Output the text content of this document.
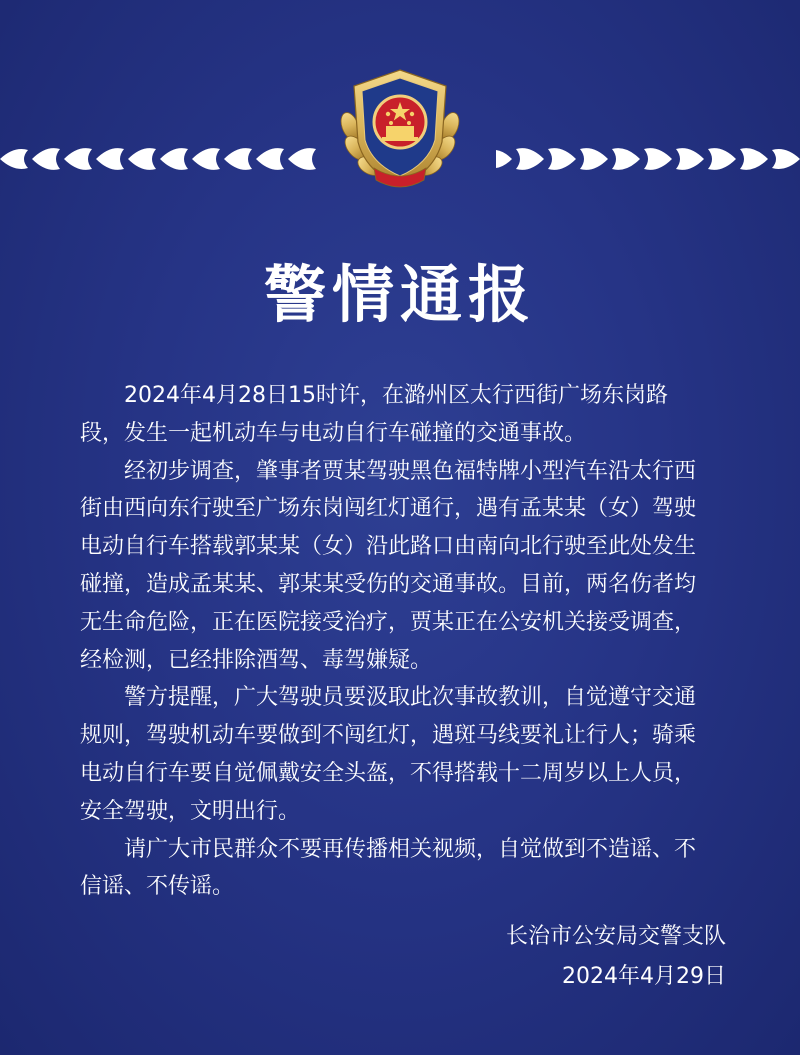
警情通报
2024年4月28日15时许，在潞州区太行西街广场东岗路
段，发生一起机动车与电动自行车碰撞的交通事故。
经初步调查，肇事者贾某驾驶黑色福特牌小型汽车沿太行西
街由西向东行驶至广场东岗闯红灯通行，遇有孟某某（女）驾驶
电动自行车搭载郭某某（女）沿此路口由南向北行驶至此处发生
碰撞，造成孟某某、郭某某受伤的交通事故。目前，两名伤者均
无生命危险，正在医院接受治疗，贾某正在公安机关接受调查，
经检测，已经排除酒驾、毒驾嫌疑。
警方提醒，广大驾驶员要汲取此次事故教训，自觉遵守交通
规则，驾驶机动车要做到不闯红灯，遇斑马线要礼让行人；骑乘
电动自行车要自觉佩戴安全头盔，不得搭载十二周岁以上人员，
安全驾驶，文明出行。
请广大市民群众不要再传播相关视频，自觉做到不造谣、不
信谣、不传谣。
长治市公安局交警支队
2024年4月29日
